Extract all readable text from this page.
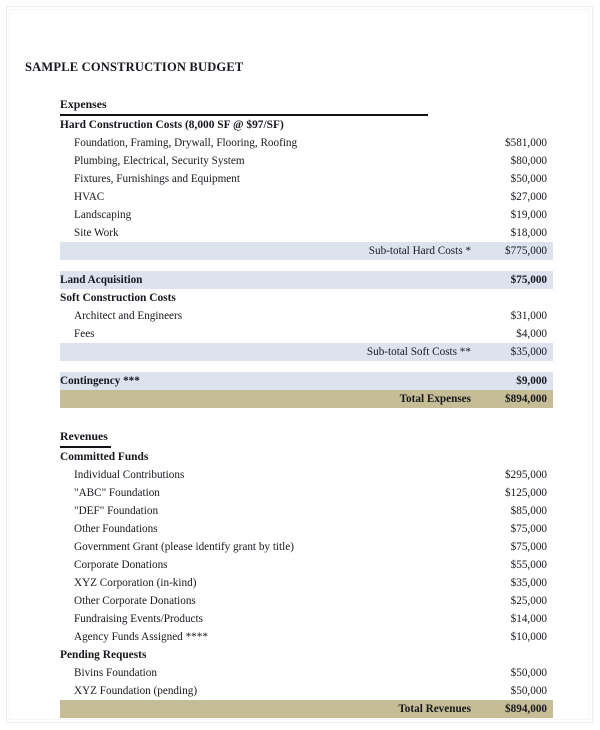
SAMPLE CONSTRUCTION BUDGET
Expenses
Hard Construction Costs (8,000 SF @ $97/SF)
Foundation, Framing, Drywall, Flooring, Roofing	$581,000
Plumbing, Electrical, Security System	$80,000
Fixtures, Furnishings and Equipment	$50,000
HVAC	$27,000
Landscaping	$19,000
Site Work	$18,000
Sub-total Hard Costs *	$775,000
Land Acquisition	$75,000
Soft Construction Costs
Architect and Engineers	$31,000
Fees	$4,000
Sub-total Soft Costs **	$35,000
Contingency ***	$9,000
Total Expenses	$894,000
Revenues
Committed Funds
Individual Contributions	$295,000
"ABC" Foundation	$125,000
"DEF" Foundation	$85,000
Other Foundations	$75,000
Government Grant (please identify grant by title)	$75,000
Corporate Donations	$55,000
XYZ Corporation (in-kind)	$35,000
Other Corporate Donations	$25,000
Fundraising Events/Products	$14,000
Agency Funds Assigned ****	$10,000
Pending Requests
Bivins Foundation	$50,000
XYZ Foundation (pending)	$50,000
Total Revenues	$894,000
